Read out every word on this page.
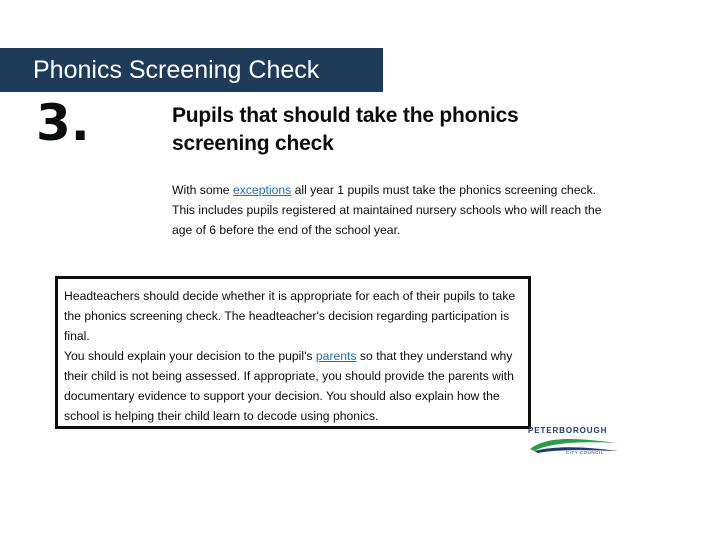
Phonics Screening Check
3.	Pupils that should take the phonics screening check
With some exceptions all year 1 pupils must take the phonics screening check. This includes pupils registered at maintained nursery schools who will reach the age of 6 before the end of the school year.

Headteachers should decide whether it is appropriate for each of their pupils to take the phonics screening check. The headteacher's decision regarding participation is final.

You should explain your decision to the pupil's parents so that they understand why their child is not being assessed. If appropriate, you should provide the parents with documentary evidence to support your decision. You should also explain how the school is helping their child learn to decode using phonics.

PETERBOROUGH
CITY COUNCIL
